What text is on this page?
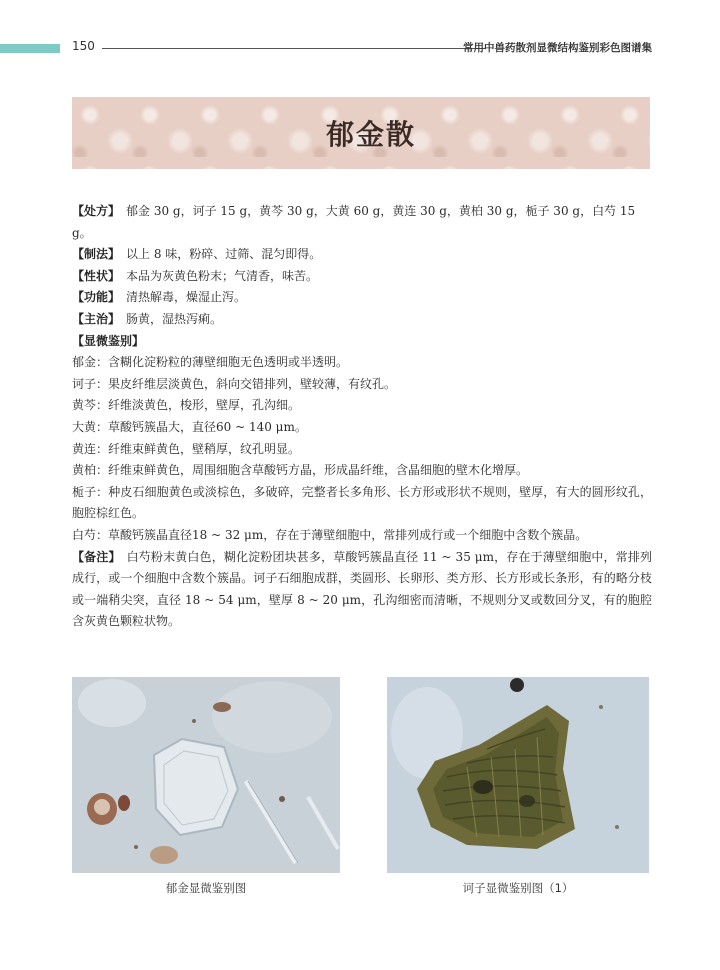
150	常用中兽药散剂显微结构鉴别彩色图谱集
郁金散

【处方】 郁金 30 g，诃子 15 g，黄芩 30 g，大黄 60 g，黄连 30 g，黄柏 30 g，栀子 30 g，白芍 15 g。

【制法】 以上 8 味，粉碎、过筛、混匀即得。

【性状】 本品为灰黄色粉末；气清香，味苦。

【功能】 清热解毒，燥湿止泻。

【主治】 肠黄，湿热泻痢。

【显微鉴别】

郁金：含糊化淀粉粒的薄壁细胞无色透明或半透明。

诃子：果皮纤维层淡黄色，斜向交错排列，壁较薄，有纹孔。

黄芩：纤维淡黄色，梭形，壁厚，孔沟细。

大黄：草酸钙簇晶大，直径60 ~ 140 μm。

黄连：纤维束鲜黄色，壁稍厚，纹孔明显。

黄柏：纤维束鲜黄色，周围细胞含草酸钙方晶，形成晶纤维，含晶细胞的壁木化增厚。

栀子：种皮石细胞黄色或淡棕色，多破碎，完整者长多角形、长方形或形状不规则，壁厚，有大的圆形纹孔，胞腔棕红色。

白芍：草酸钙簇晶直径18 ~ 32 μm，存在于薄壁细胞中，常排列成行或一个细胞中含数个簇晶。

【备注】 白芍粉末黄白色，糊化淀粉团块甚多，草酸钙簇晶直径 11 ~ 35 μm，存在于薄壁细胞中，常排列成行，或一个细胞中含数个簇晶。诃子石细胞成群，类圆形、长卵形、类方形、长方形或长条形，有的略分枝或一端稍尖突，直径 18 ~ 54 μm，壁厚 8 ~ 20 μm，孔沟细密而清晰，不规则分叉或数回分叉，有的胞腔含灰黄色颗粒状物。

郁金显微鉴别图	诃子显微鉴别图（1）
